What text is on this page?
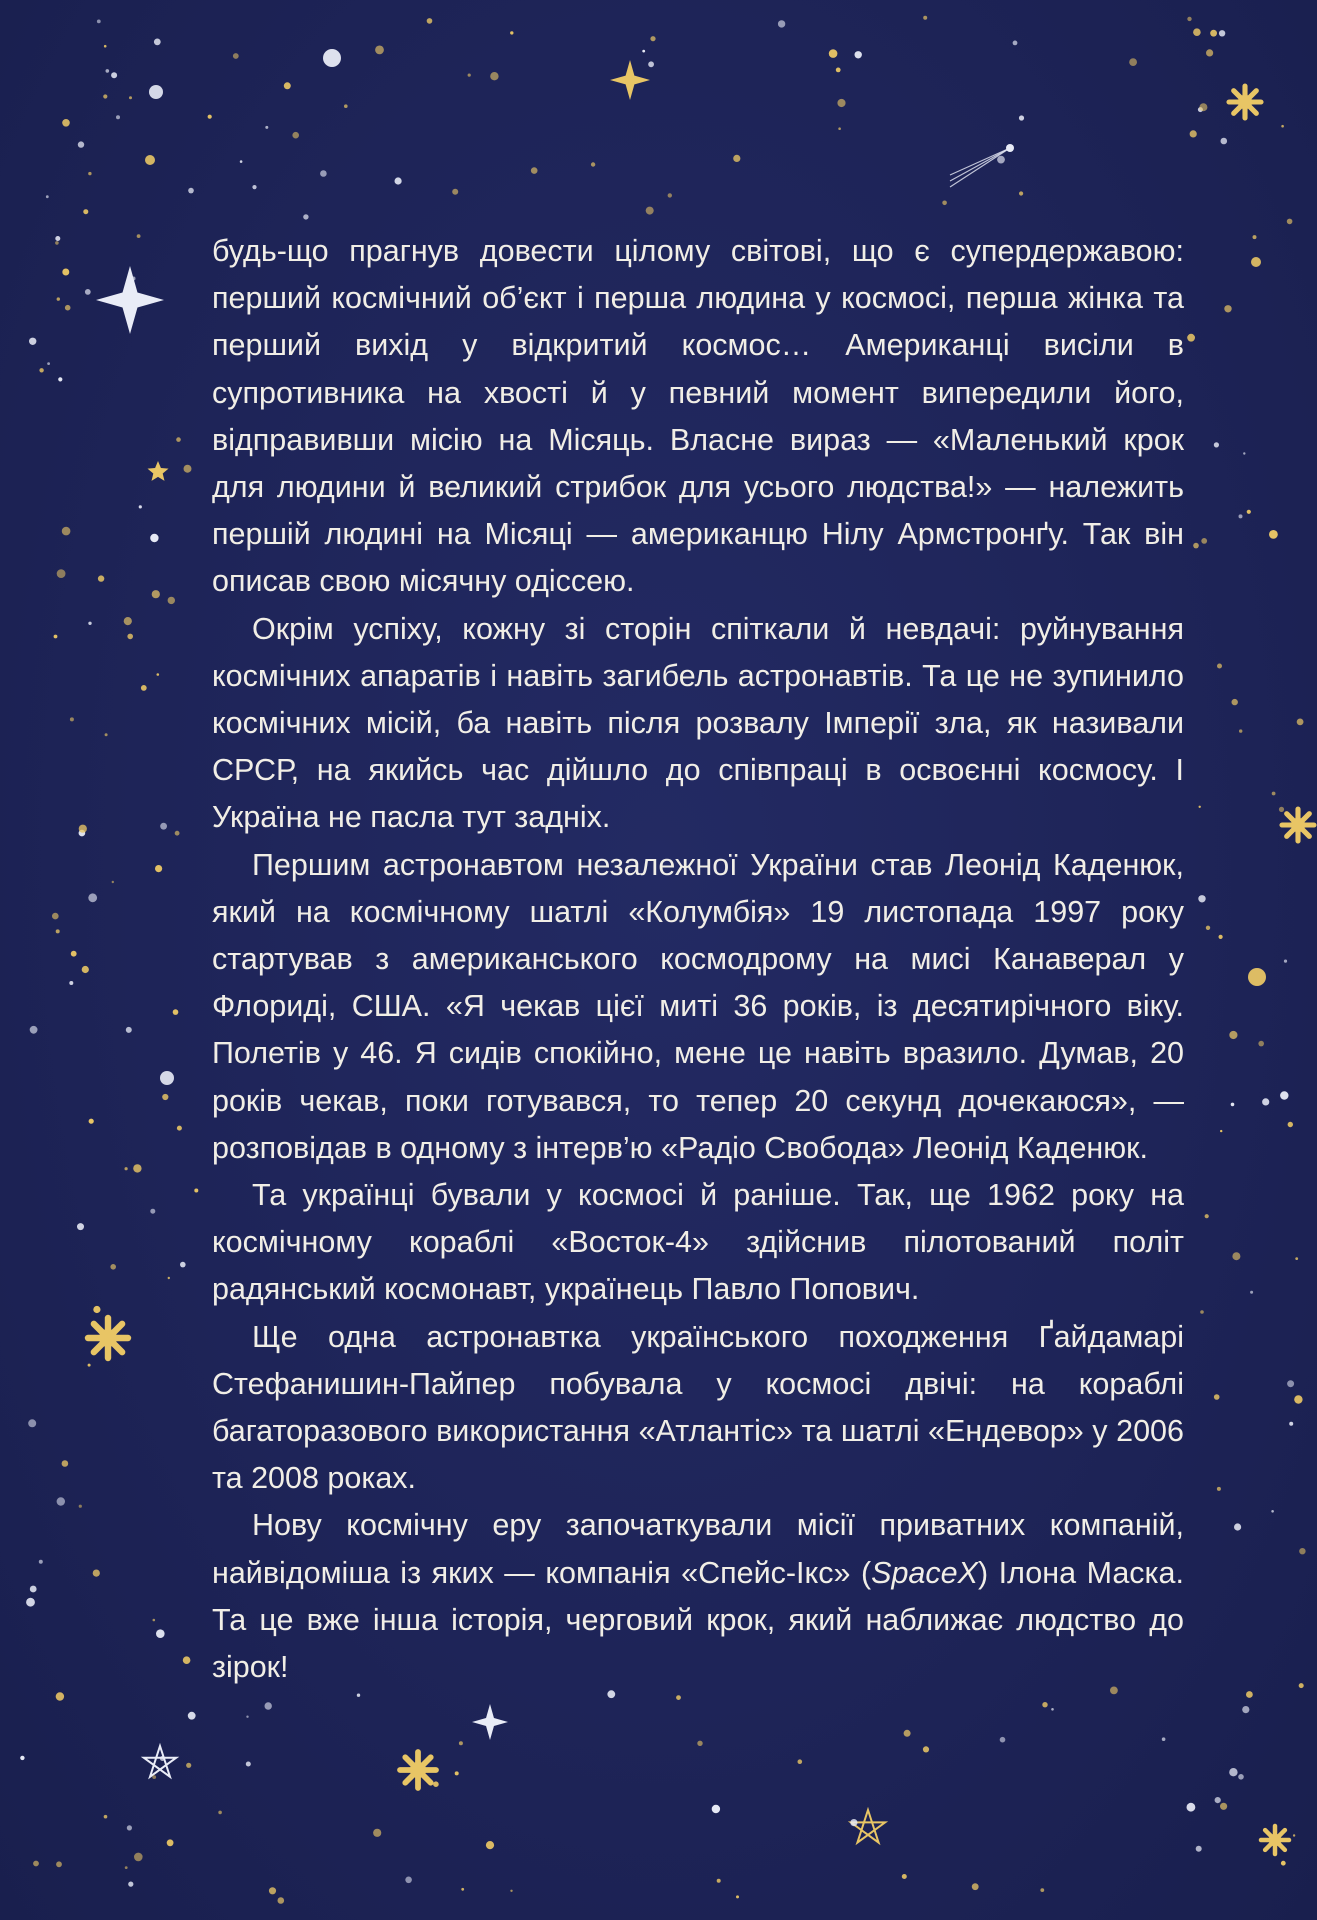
будь-що прагнув довести цілому світові, що є супердержавою: перший космічний об’єкт і перша людина у космосі, перша жінка та перший вихід у відкритий космос… Американці висіли в супротивника на хвості й у певний момент випередили його, відправивши місію на Місяць. Власне вираз — «Маленький крок для людини й великий стрибок для усього людства!» — належить першій людині на Місяці — американцю Нілу Армстронґу. Так він описав свою місячну одіссею.

Окрім успіху, кожну зі сторін спіткали й невдачі: руйнування космічних апаратів і навіть загибель астронавтів. Та це не зупинило космічних місій, ба навіть після розвалу Імперії зла, як називали СРСР, на якийсь час дійшло до співпраці в освоєнні космосу. І Україна не пасла тут задніх.

Першим астронавтом незалежної України став Леонід Каденюк, який на космічному шатлі «Колумбія» 19 листопада 1997 року стартував з американського космодрому на мисі Канаверал у Флориді, США. «Я чекав цієї миті 36 років, із десятирічного віку. Полетів у 46. Я сидів спокійно, мене це навіть вразило. Думав, 20 років чекав, поки готувався, то тепер 20 секунд дочекаюся», — розповідав в одному з інтерв’ю «Радіо Свобода» Леонід Каденюк.

Та українці бували у космосі й раніше. Так, ще 1962 року на космічному кораблі «Восток-4» здійснив пілотований політ радянський космонавт, українець Павло Попович.

Ще одна астронавтка українського походження Ґайдамарі Стефанишин-Пайпер побувала у космосі двічі: на кораблі багаторазового використання «Атлантіс» та шатлі «Ендевор» у 2006 та 2008 роках.

Нову космічну еру започаткували місії приватних компаній, найвідоміша із яких — компанія «Спейс-Ікс» (SpaceX) Ілона Маска. Та це вже інша історія, черговий крок, який наближає людство до зірок!
